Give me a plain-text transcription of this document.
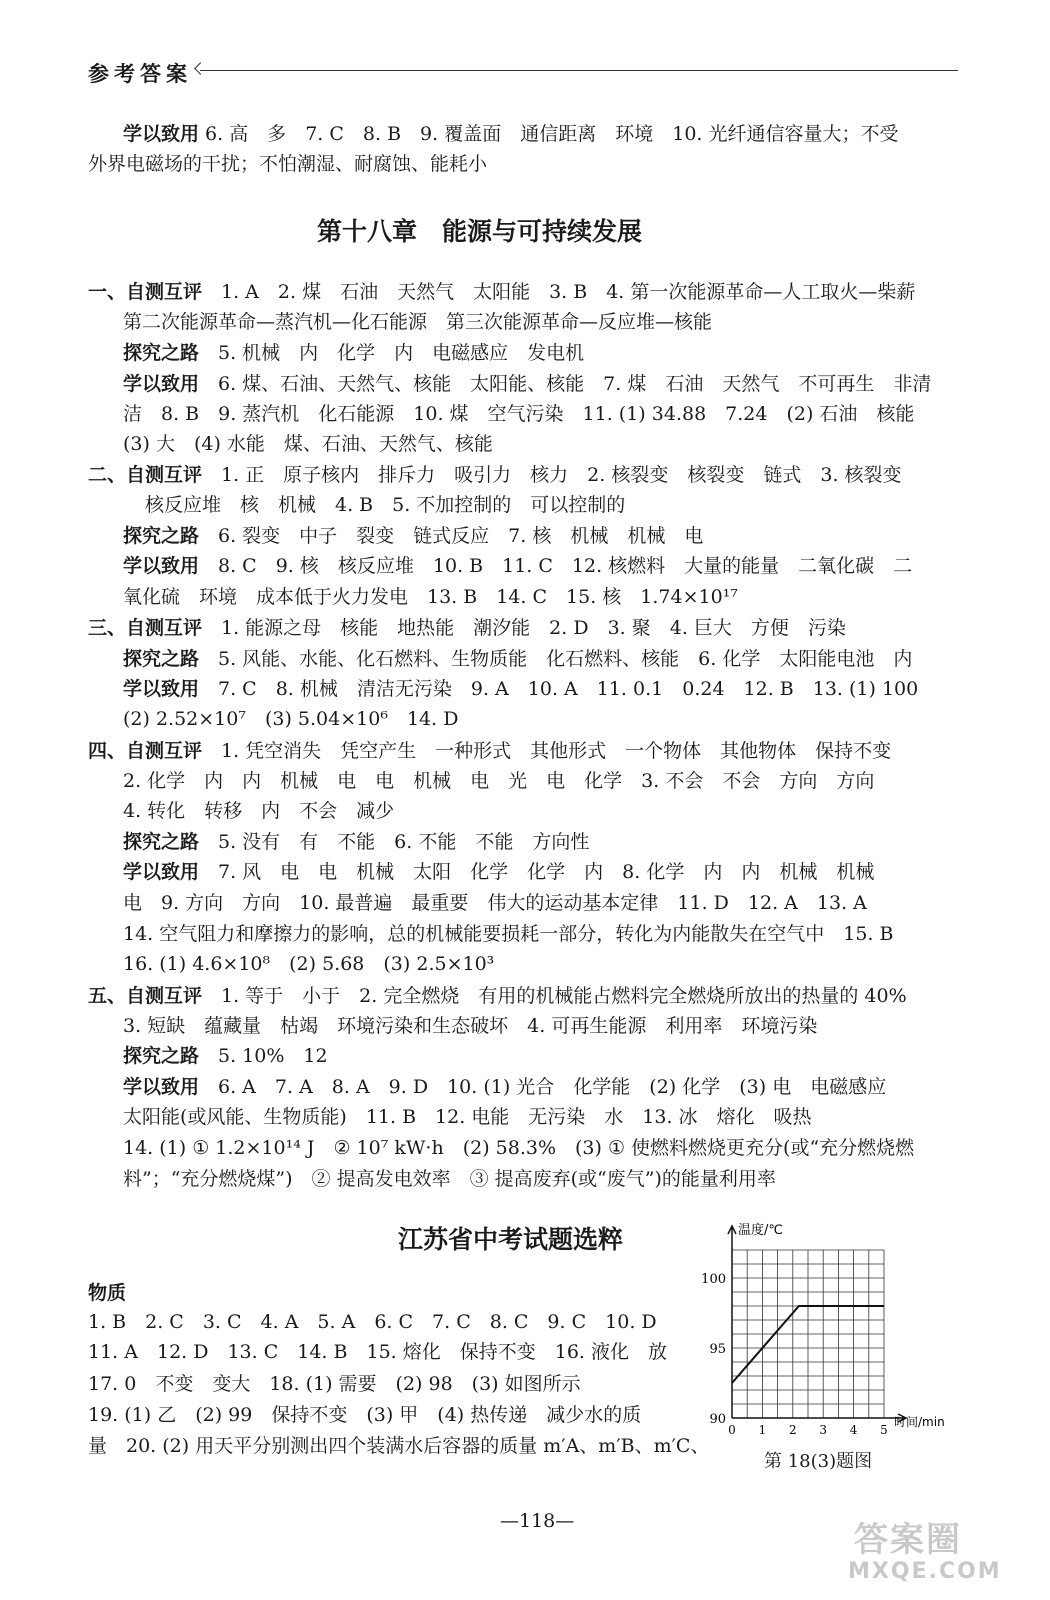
参考答案
学以致用 6. 高　多　7. C　8. B　9. 覆盖面　通信距离　环境　10. 光纤通信容量大；不受
外界电磁场的干扰；不怕潮湿、耐腐蚀、能耗小
一、自测互评　1. A　2. 煤　石油　天然气　太阳能　3. B　4. 第一次能源革命—人工取火—柴薪
第二次能源革命—蒸汽机—化石能源　第三次能源革命—反应堆—核能
探究之路　5. 机械　内　化学　内　电磁感应　发电机
学以致用　6. 煤、石油、天然气、核能　太阳能、核能　7. 煤　石油　天然气　不可再生　非清
洁　8. B　9. 蒸汽机　化石能源　10. 煤　空气污染　11. (1) 34.88　7.24　(2) 石油　核能
(3) 大　(4) 水能　煤、石油、天然气、核能
二、自测互评　1. 正　原子核内　排斥力　吸引力　核力　2. 核裂变　核裂变　链式　3. 核裂变
核反应堆　核　机械　4. B　5. 不加控制的　可以控制的
探究之路　6. 裂变　中子　裂变　链式反应　7. 核　机械　机械　电
学以致用　8. C　9. 核　核反应堆　10. B　11. C　12. 核燃料　大量的能量　二氧化碳　二
氧化硫　环境　成本低于火力发电　13. B　14. C　15. 核　1.74×10¹⁷
三、自测互评　1. 能源之母　核能　地热能　潮汐能　2. D　3. 聚　4. 巨大　方便　污染
探究之路　5. 风能、水能、化石燃料、生物质能　化石燃料、核能　6. 化学　太阳能电池　内
学以致用　7. C　8. 机械　清洁无污染　9. A　10. A　11. 0.1　0.24　12. B　13. (1) 100
(2) 2.52×10⁷　(3) 5.04×10⁶　14. D
四、自测互评　1. 凭空消失　凭空产生　一种形式　其他形式　一个物体　其他物体　保持不变
2. 化学　内　内　机械　电　电　机械　电　光　电　化学　3. 不会　不会　方向　方向
4. 转化　转移　内　不会　减少
探究之路　5. 没有　有　不能　6. 不能　不能　方向性
学以致用　7. 风　电　电　机械　太阳　化学　化学　内　8. 化学　内　内　机械　机械
电　9. 方向　方向　10. 最普遍　最重要　伟大的运动基本定律　11. D　12. A　13. A
14. 空气阻力和摩擦力的影响，总的机械能要损耗一部分，转化为内能散失在空气中　15. B
16. (1) 4.6×10⁸　(2) 5.68　(3) 2.5×10³
五、自测互评　1. 等于　小于　2. 完全燃烧　有用的机械能占燃料完全燃烧所放出的热量的 40%
3. 短缺　蕴藏量　枯竭　环境污染和生态破坏　4. 可再生能源　利用率　环境污染
探究之路　5. 10%　12
学以致用　6. A　7. A　8. A　9. D　10. (1) 光合　化学能　(2) 化学　(3) 电　电磁感应
太阳能(或风能、生物质能)　11. B　12. 电能　无污染　水　13. 冰　熔化　吸热
14. (1) ① 1.2×10¹⁴ J　② 10⁷ kW·h　(2) 58.3%　(3) ① 使燃料燃烧更充分(或“充分燃烧燃
料”；“充分燃烧煤”)　② 提高发电效率　③ 提高废弃(或“废气”)的能量利用率
物质
1. B　2. C　3. C　4. A　5. A　6. C　7. C　8. C　9. C　10. D
11. A　12. D　13. C　14. B　15. 熔化　保持不变　16. 液化　放
17. 0　不变　变大　18. (1) 需要　(2) 98　(3) 如图所示
19. (1) 乙　(2) 99　保持不变　(3) 甲　(4) 热传递　减少水的质
量　20. (2) 用天平分别测出四个装满水后容器的质量 m′A、m′B、m′C、
第十八章　能源与可持续发展
江苏省中考试题选粹
0 1 2 3 4 5
90
95
100
温度/℃
时间/min
第 18(3)题图
—118—	答案圈
MXQE.COM
